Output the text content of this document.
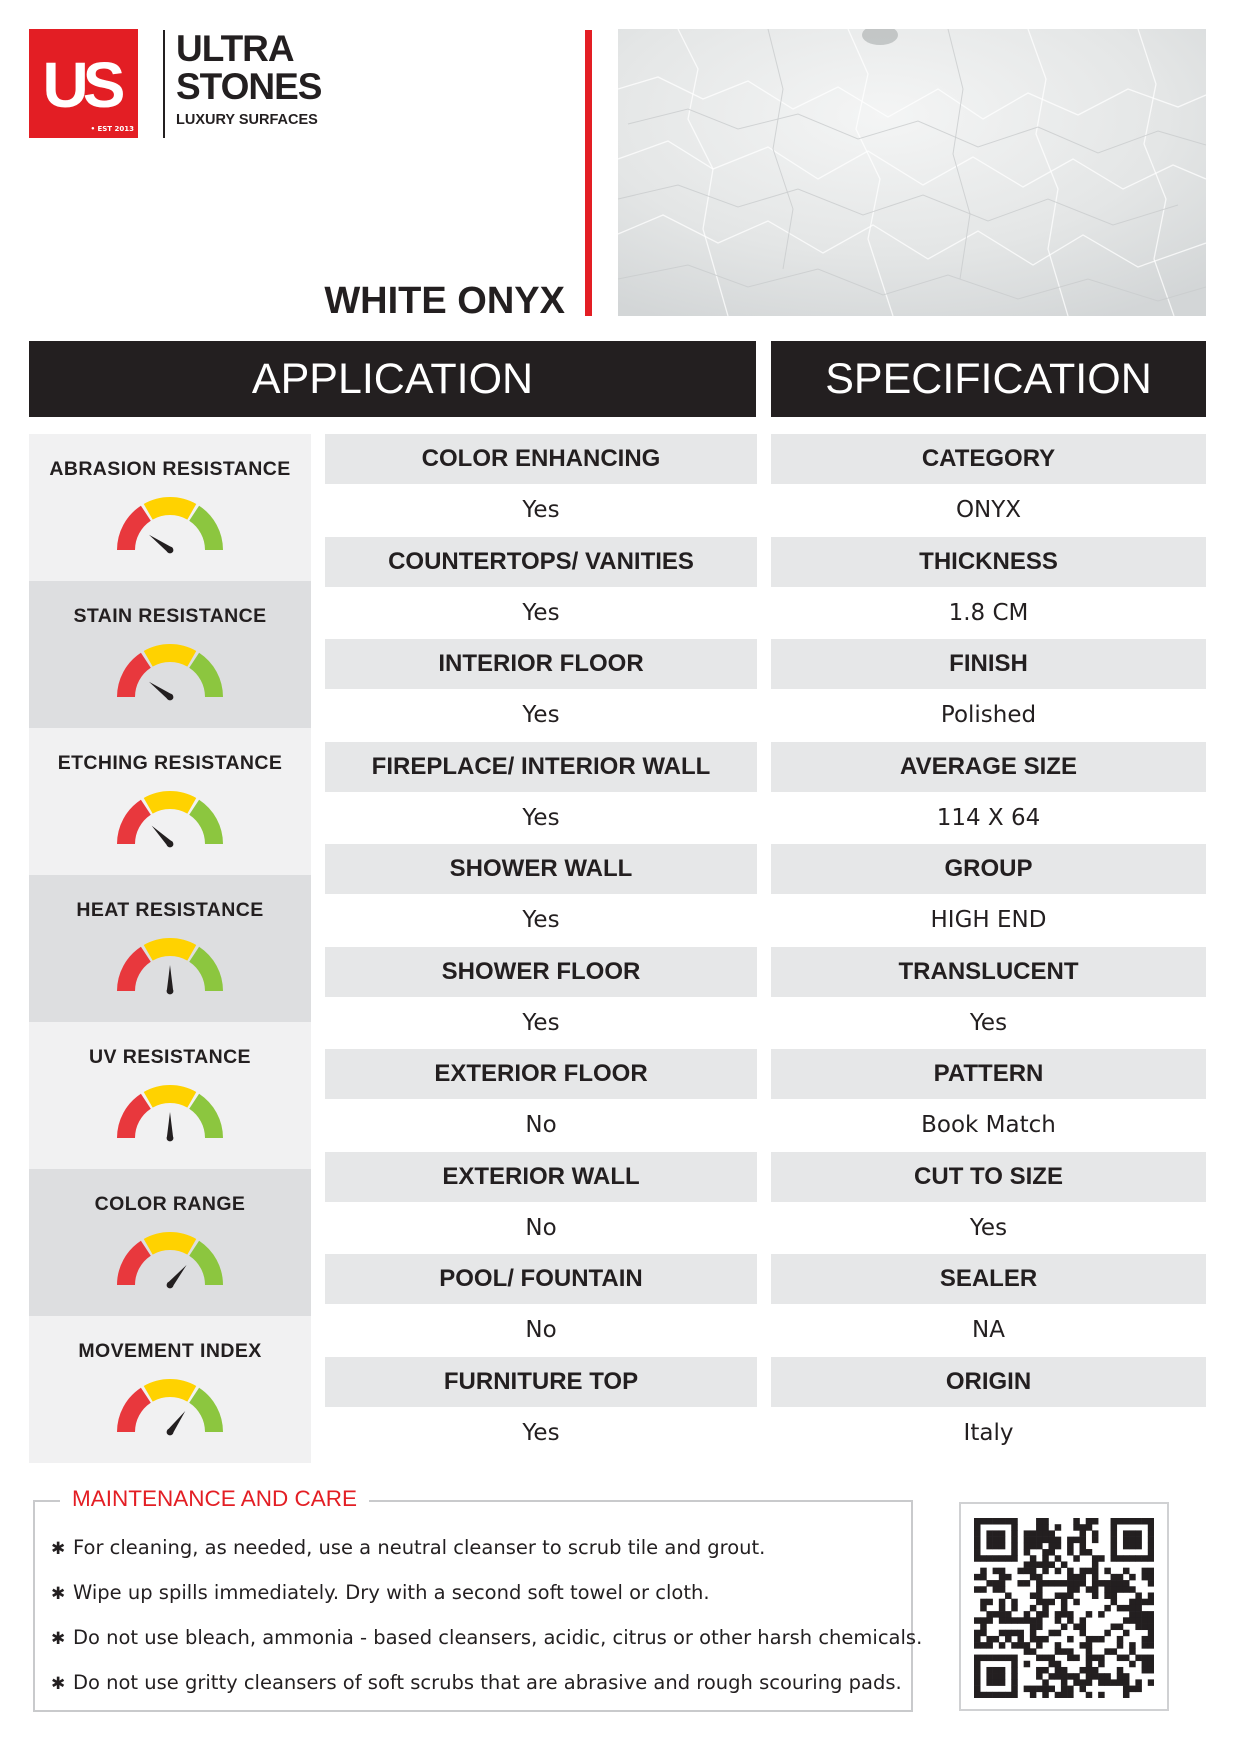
US
• EST 2013
ULTRA
STONES
LUXURY SURFACES
WHITE ONYX
APPLICATION	SPECIFICATION
ABRASION RESISTANCE
STAIN RESISTANCE
ETCHING RESISTANCE
HEAT RESISTANCE
UV RESISTANCE
COLOR RANGE
MOVEMENT INDEX
COLOR ENHANCING
Yes
COUNTERTOPS/ VANITIES
Yes
INTERIOR FLOOR
Yes
FIREPLACE/ INTERIOR WALL
Yes
SHOWER WALL
Yes
SHOWER FLOOR
Yes
EXTERIOR FLOOR
No
EXTERIOR WALL
No
POOL/ FOUNTAIN
No
FURNITURE TOP
Yes
CATEGORY
ONYX
THICKNESS
1.8 CM
FINISH
Polished
AVERAGE SIZE
114 X 64
GROUP
HIGH END
TRANSLUCENT
Yes
PATTERN
Book Match
CUT TO SIZE
Yes
SEALER
NA
ORIGIN
Italy
MAINTENANCE AND CARE
✱ For cleaning, as needed, use a neutral cleanser to scrub tile and grout.
✱ Wipe up spills immediately. Dry with a second soft towel or cloth.
✱ Do not use bleach, ammonia - based cleansers, acidic, citrus or other harsh chemicals.
✱ Do not use gritty cleansers of soft scrubs that are abrasive and rough scouring pads.
